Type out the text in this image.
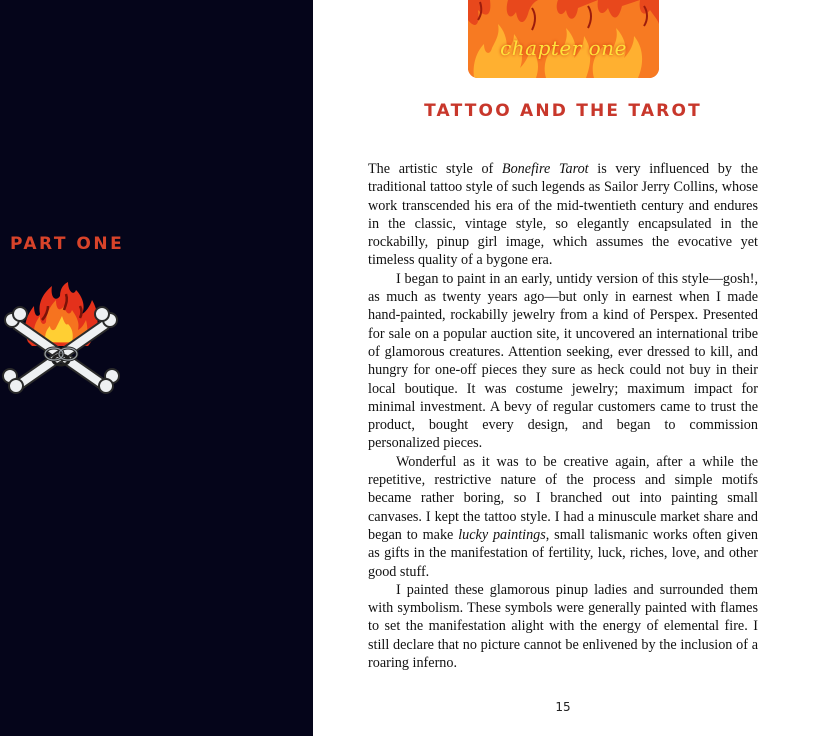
PART ONE
chapter one
TATTOO AND THE TAROT

The artistic style of Bonefire Tarot is very influenced by the traditional tattoo style of such legends as Sailor Jerry Collins, whose work transcended his era of the mid-twentieth century and endures in the classic, vintage style, so elegantly encapsulated in the rockabilly, pinup girl image, which assumes the evocative yet timeless quality of a bygone era.

I began to paint in an early, untidy version of this style—gosh!, as much as twenty years ago—but only in earnest when I made hand-painted, rockabilly jewelry from a kind of Perspex. Presented for sale on a popular auction site, it uncovered an international tribe of glamorous creatures. Attention seeking, ever dressed to kill, and hungry for one-off pieces they sure as heck could not buy in their local boutique. It was costume jewelry; maximum impact for minimal investment. A bevy of regular customers came to trust the product, bought every design, and began to commission personalized pieces.

Wonderful as it was to be creative again, after a while the repetitive, restrictive nature of the process and simple motifs became rather boring, so I branched out into painting small canvases. I kept the tattoo style. I had a minuscule market share and began to make lucky paintings, small talismanic works often given as gifts in the manifestation of fertility, luck, riches, love, and other good stuff.

I painted these glamorous pinup ladies and surrounded them with symbolism. These symbols were generally painted with flames to set the manifestation alight with the energy of elemental fire. I still declare that no picture cannot be enlivened by the inclusion of a roaring inferno.

15
